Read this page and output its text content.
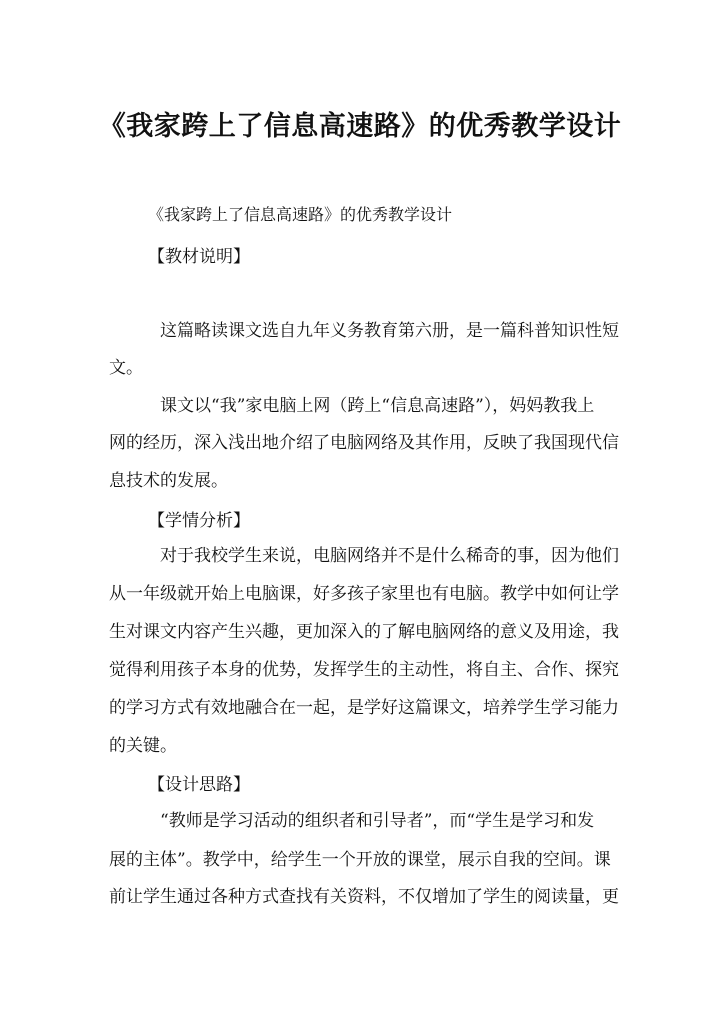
《我家跨上了信息高速路》的优秀教学设计

《我家跨上了信息高速路》的优秀教学设计

【教材说明】

这篇略读课文选自九年义务教育第六册，是一篇科普知识性短

文。

课文以“我”家电脑上网（跨上“信息高速路”），妈妈教我上

网的经历，深入浅出地介绍了电脑网络及其作用，反映了我国现代信

息技术的发展。

【学情分析】

对于我校学生来说，电脑网络并不是什么稀奇的事，因为他们

从一年级就开始上电脑课，好多孩子家里也有电脑。教学中如何让学

生对课文内容产生兴趣，更加深入的了解电脑网络的意义及用途，我

觉得利用孩子本身的优势，发挥学生的主动性，将自主、合作、探究

的学习方式有效地融合在一起，是学好这篇课文，培养学生学习能力

的关键。

【设计思路】

“教师是学习活动的组织者和引导者”，而“学生是学习和发

展的主体”。教学中，给学生一个开放的课堂，展示自我的空间。课

前让学生通过各种方式查找有关资料，不仅增加了学生的阅读量，更
